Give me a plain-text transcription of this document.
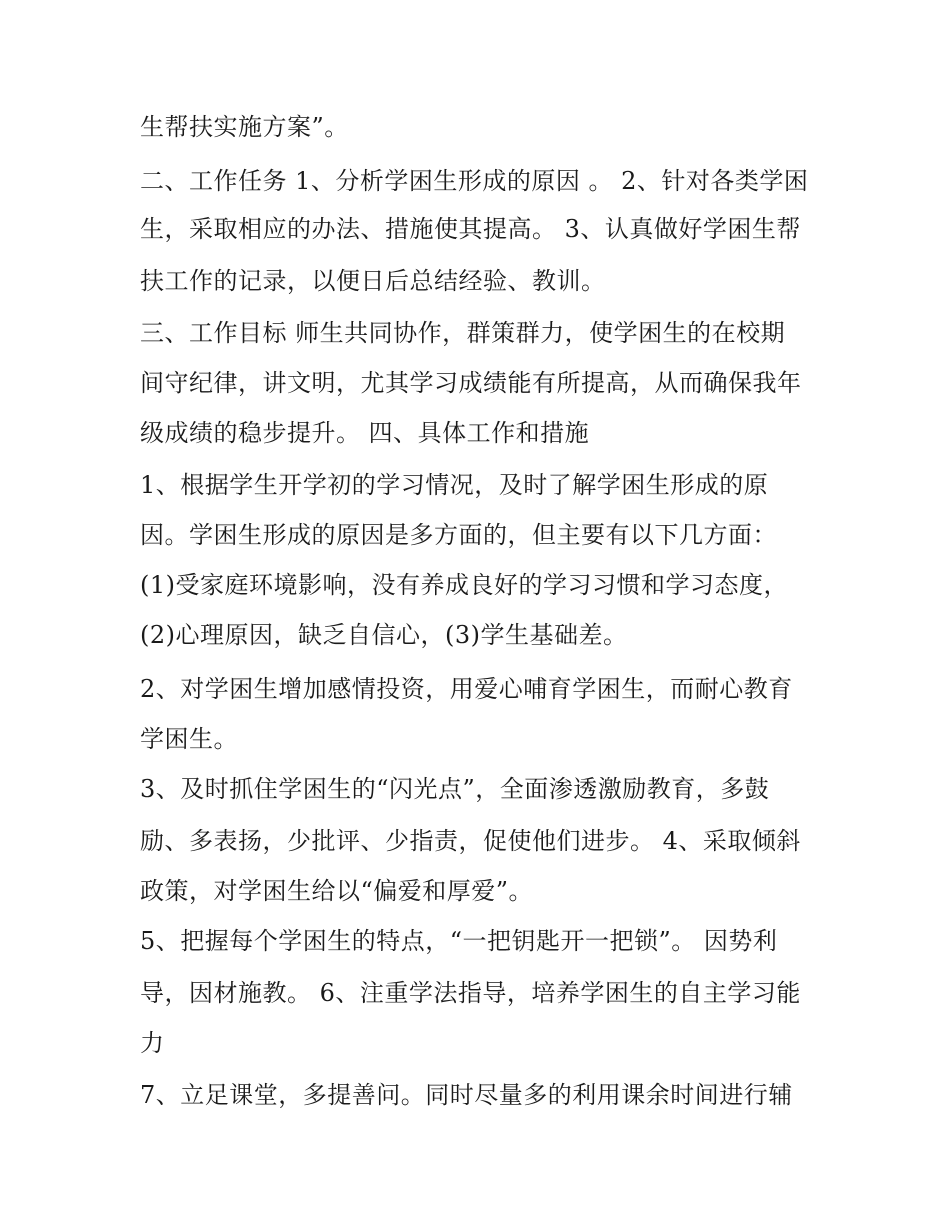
生帮扶实施方案”。
二、工作任务 1、分析学困生形成的原因 。 2、针对各类学困
生，采取相应的办法、措施使其提高。 3、认真做好学困生帮
扶工作的记录，以便日后总结经验、教训。
三、工作目标 师生共同协作，群策群力，使学困生的在校期
间守纪律，讲文明，尤其学习成绩能有所提高，从而确保我年
级成绩的稳步提升。 四、具体工作和措施
1、根据学生开学初的学习情况，及时了解学困生形成的原
因。学困生形成的原因是多方面的，但主要有以下几方面：
(1)受家庭环境影响，没有养成良好的学习习惯和学习态度，
(2)心理原因，缺乏自信心，(3)学生基础差。
2、对学困生增加感情投资，用爱心哺育学困生，而耐心教育
学困生。
3、及时抓住学困生的“闪光点”，全面渗透激励教育，多鼓
励、多表扬，少批评、少指责，促使他们进步。 4、采取倾斜
政策，对学困生给以“偏爱和厚爱”。
5、把握每个学困生的特点，“一把钥匙开一把锁”。 因势利
导，因材施教。 6、注重学法指导，培养学困生的自主学习能
力
7、立足课堂，多提善问。同时尽量多的利用课余时间进行辅
